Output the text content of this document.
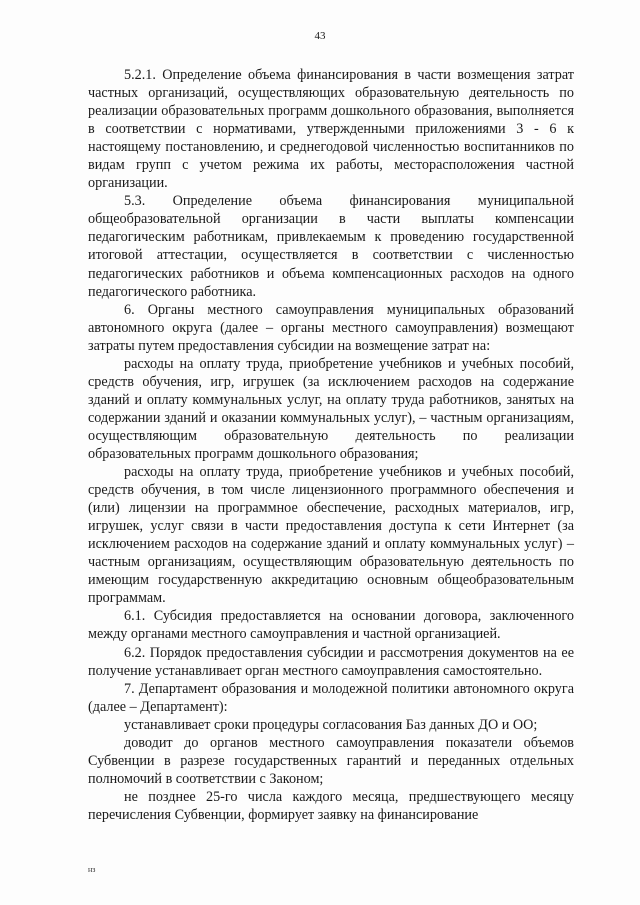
43

5.2.1. Определение объема финансирования в части возмещения затрат частных организаций, осуществляющих образовательную деятельность по реализации образовательных программ дошкольного образования, выполняется в соответствии с нормативами, утвержденными приложениями 3 - 6 к настоящему постановлению, и среднегодовой численностью воспитанников по видам групп с учетом режима их работы, месторасположения частной организации.

5.3. Определение объема финансирования муниципальной общеобразовательной организации в части выплаты компенсации педагогическим работникам, привлекаемым к проведению государственной итоговой аттестации, осуществляется в соответствии с численностью педагогических работников и объема компенсационных расходов на одного педагогического работника.

6. Органы местного самоуправления муниципальных образований автономного округа (далее – органы местного самоуправления) возмещают затраты путем предоставления субсидии на возмещение затрат на:

расходы на оплату труда, приобретение учебников и учебных пособий, средств обучения, игр, игрушек (за исключением расходов на содержание зданий и оплату коммунальных услуг, на оплату труда работников, занятых на содержании зданий и оказании коммунальных услуг), – частным организациям, осуществляющим образовательную деятельность по реализации образовательных программ дошкольного образования;

расходы на оплату труда, приобретение учебников и учебных пособий, средств обучения, в том числе лицензионного программного обеспечения и (или) лицензии на программное обеспечение, расходных материалов, игр, игрушек, услуг связи в части предоставления доступа к сети Интернет (за исключением расходов на содержание зданий и оплату коммунальных услуг) – частным организациям, осуществляющим образовательную деятельность по имеющим государственную аккредитацию основным общеобразовательным программам.

6.1. Субсидия предоставляется на основании договора, заключенного между органами местного самоуправления и частной организацией.

6.2. Порядок предоставления субсидии и рассмотрения документов на ее получение устанавливает орган местного самоуправления самостоятельно.

7. Департамент образования и молодежной политики автономного округа (далее – Департамент):

устанавливает сроки процедуры согласования Баз данных ДО и ОО;

доводит до органов местного самоуправления показатели объемов Субвенции в разрезе государственных гарантий и переданных отдельных полномочий в соответствии с Законом;

не позднее 25-го числа каждого месяца, предшествующего месяцу перечисления Субвенции, формирует заявку на финансирование

нз
